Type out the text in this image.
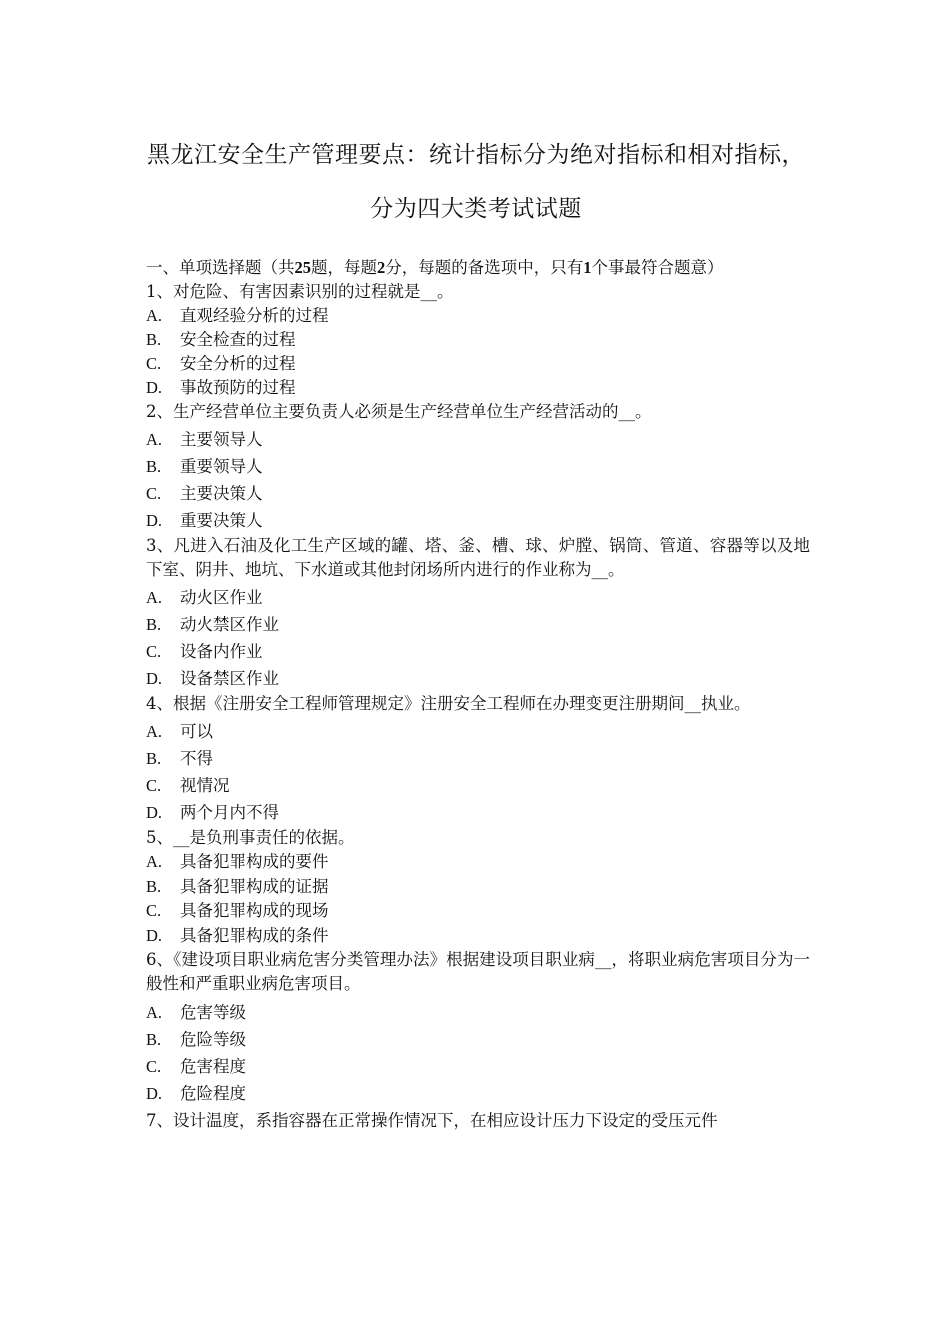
黑龙江安全生产管理要点：统计指标分为绝对指标和相对指标，分为四大类考试试题

一、单项选择题（共25题，每题2分，每题的备选项中，只有1个事最符合题意）

1、对危险、有害因素识别的过程就是__。

A.	直观经验分析的过程
B.	安全检查的过程
C.	安全分析的过程
D.	事故预防的过程

2、生产经营单位主要负责人必须是生产经营单位生产经营活动的__。

A.	主要领导人
B.	重要领导人
C.	主要决策人
D.	重要决策人

3、凡进入石油及化工生产区域的罐、塔、釜、槽、球、炉膛、锅筒、管道、容器等以及地下室、阴井、地坑、下水道或其他封闭场所内进行的作业称为__。

A.	动火区作业
B.	动火禁区作业
C.	设备内作业
D.	设备禁区作业

4、根据《注册安全工程师管理规定》注册安全工程师在办理变更注册期间__执业。

A.	可以
B.	不得
C.	视情况
D.	两个月内不得

5、__是负刑事责任的依据。

A.	具备犯罪构成的要件
B.	具备犯罪构成的证据
C.	具备犯罪构成的现场
D.	具备犯罪构成的条件

6、《建设项目职业病危害分类管理办法》根据建设项目职业病__，将职业病危害项目分为一般性和严重职业病危害项目。

A.	危害等级
B.	危险等级
C.	危害程度
D.	危险程度

7、设计温度，系指容器在正常操作情况下，在相应设计压力下设定的受压元件
